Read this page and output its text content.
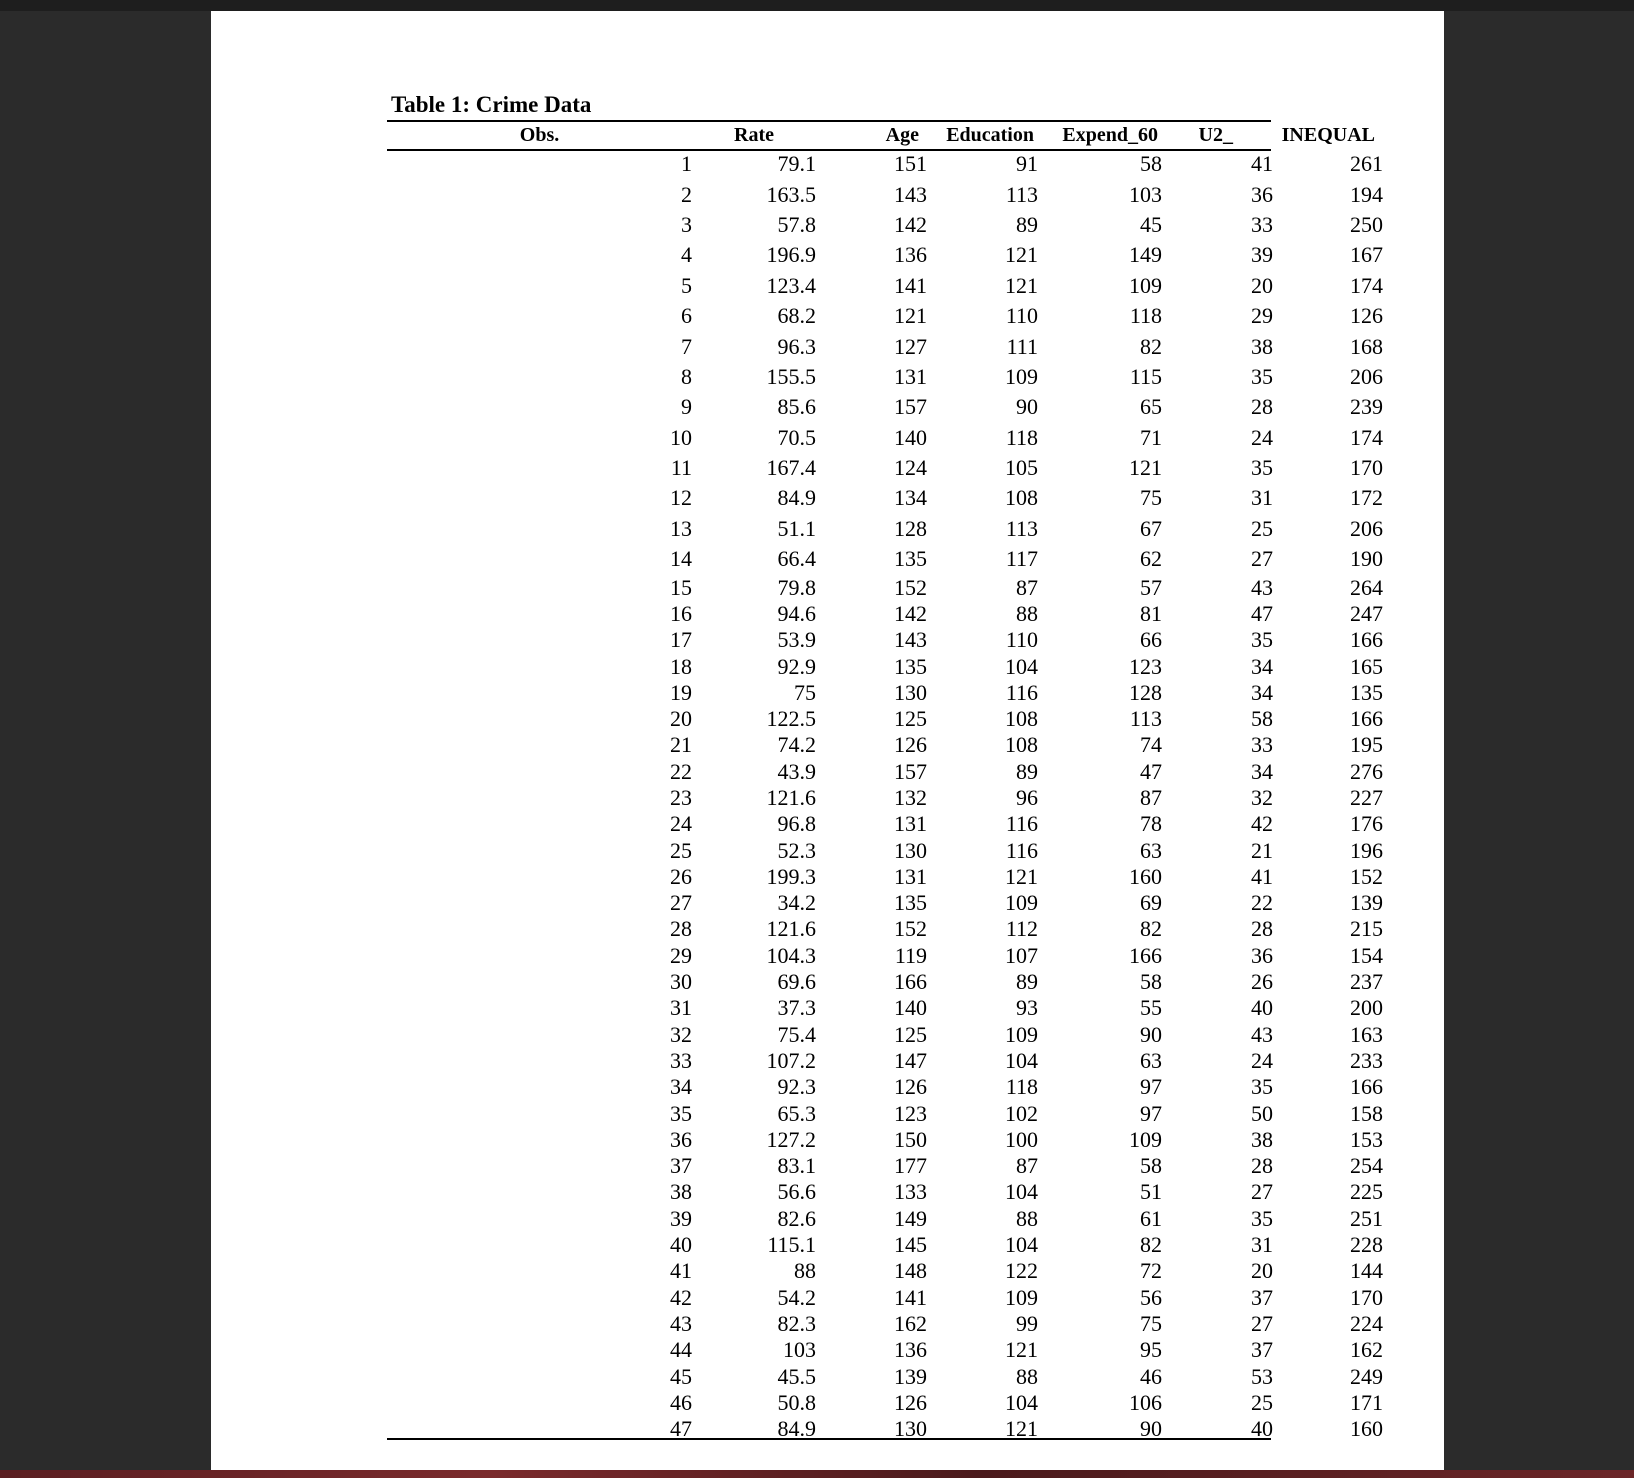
Table 1: Crime Data
Obs.		Rate	Age	Education	Expend_60	U2_	INEQUAL
	1	79.1	151	91	58	41	261
	2	163.5	143	113	103	36	194
	3	57.8	142	89	45	33	250
	4	196.9	136	121	149	39	167
	5	123.4	141	121	109	20	174
	6	68.2	121	110	118	29	126
	7	96.3	127	111	82	38	168
	8	155.5	131	109	115	35	206
	9	85.6	157	90	65	28	239
	10	70.5	140	118	71	24	174
	11	167.4	124	105	121	35	170
	12	84.9	134	108	75	31	172
	13	51.1	128	113	67	25	206
	14	66.4	135	117	62	27	190
	15	79.8	152	87	57	43	264
	16	94.6	142	88	81	47	247
	17	53.9	143	110	66	35	166
	18	92.9	135	104	123	34	165
	19	75	130	116	128	34	135
	20	122.5	125	108	113	58	166
	21	74.2	126	108	74	33	195
	22	43.9	157	89	47	34	276
	23	121.6	132	96	87	32	227
	24	96.8	131	116	78	42	176
	25	52.3	130	116	63	21	196
	26	199.3	131	121	160	41	152
	27	34.2	135	109	69	22	139
	28	121.6	152	112	82	28	215
	29	104.3	119	107	166	36	154
	30	69.6	166	89	58	26	237
	31	37.3	140	93	55	40	200
	32	75.4	125	109	90	43	163
	33	107.2	147	104	63	24	233
	34	92.3	126	118	97	35	166
	35	65.3	123	102	97	50	158
	36	127.2	150	100	109	38	153
	37	83.1	177	87	58	28	254
	38	56.6	133	104	51	27	225
	39	82.6	149	88	61	35	251
	40	115.1	145	104	82	31	228
	41	88	148	122	72	20	144
	42	54.2	141	109	56	37	170
	43	82.3	162	99	75	27	224
	44	103	136	121	95	37	162
	45	45.5	139	88	46	53	249
	46	50.8	126	104	106	25	171
	47	84.9	130	121	90	40	160
